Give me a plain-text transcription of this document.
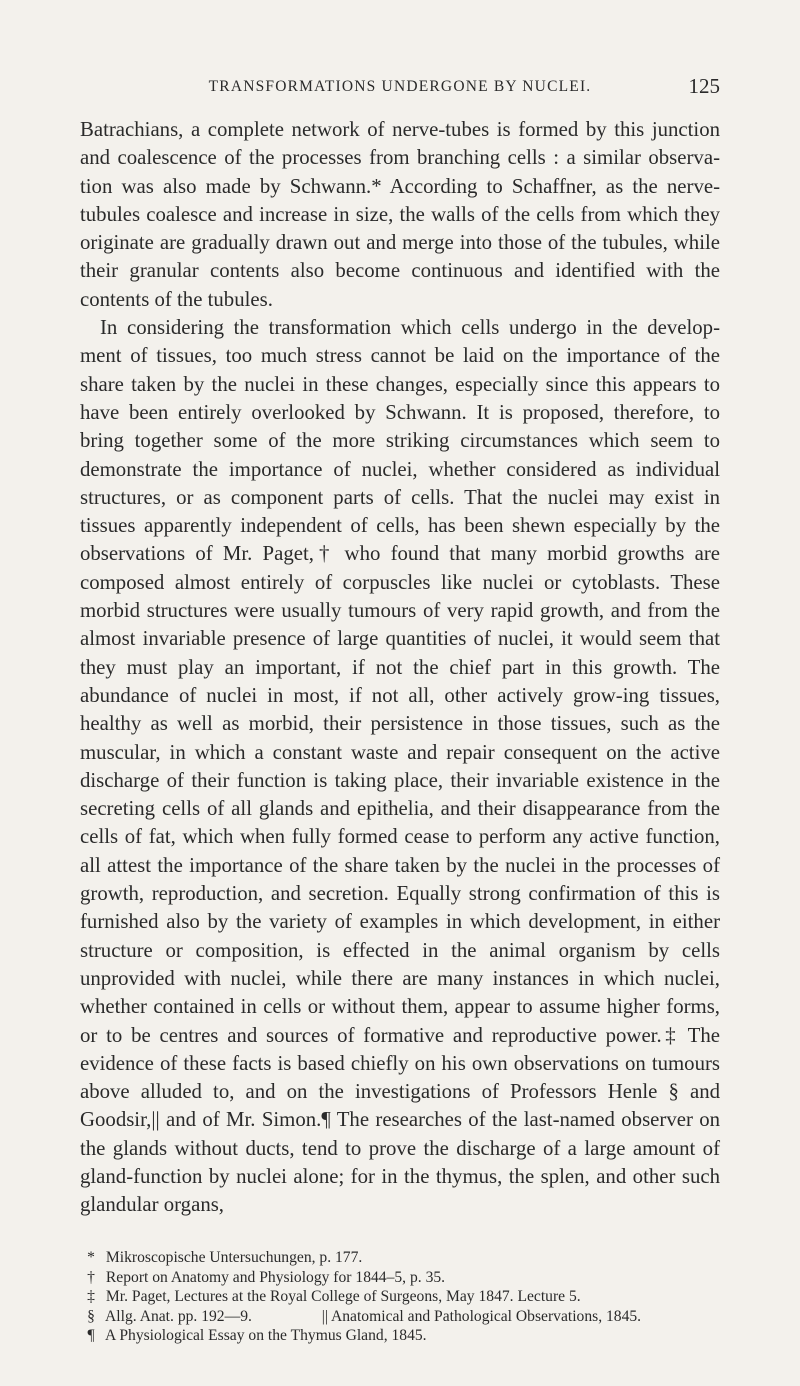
TRANSFORMATIONS UNDERGONE BY NUCLEI.	125

Batrachians, a complete network of nerve-tubes is formed by this junction and coalescence of the processes from branching cells : a similar observa-tion was also made by Schwann.* According to Schaffner, as the nerve-tubules coalesce and increase in size, the walls of the cells from which they originate are gradually drawn out and merge into those of the tubules, while their granular contents also become continuous and identified with the contents of the tubules.

In considering the transformation which cells undergo in the develop-ment of tissues, too much stress cannot be laid on the importance of the share taken by the nuclei in these changes, especially since this appears to have been entirely overlooked by Schwann. It is proposed, therefore, to bring together some of the more striking circumstances which seem to demonstrate the importance of nuclei, whether considered as individual structures, or as component parts of cells. That the nuclei may exist in tissues apparently independent of cells, has been shewn especially by the observations of Mr. Paget,† who found that many morbid growths are composed almost entirely of corpuscles like nuclei or cytoblasts. These morbid structures were usually tumours of very rapid growth, and from the almost invariable presence of large quantities of nuclei, it would seem that they must play an important, if not the chief part in this growth. The abundance of nuclei in most, if not all, other actively grow-ing tissues, healthy as well as morbid, their persistence in those tissues, such as the muscular, in which a constant waste and repair consequent on the active discharge of their function is taking place, their invariable existence in the secreting cells of all glands and epithelia, and their disappearance from the cells of fat, which when fully formed cease to perform any active function, all attest the importance of the share taken by the nuclei in the processes of growth, reproduction, and secretion. Equally strong confirmation of this is furnished also by the variety of examples in which development, in either structure or composition, is effected in the animal organism by cells unprovided with nuclei, while there are many instances in which nuclei, whether contained in cells or without them, appear to assume higher forms, or to be centres and sources of formative and reproductive power.‡ The evidence of these facts is based chiefly on his own observations on tumours above alluded to, and on the investigations of Professors Henle § and Goodsir,|| and of Mr. Simon.¶ The researches of the last-named observer on the glands without ducts, tend to prove the discharge of a large amount of gland-function by nuclei alone; for in the thymus, the splen, and other such glandular organs,

* Mikroscopische Untersuchungen, p. 177.
† Report on Anatomy and Physiology for 1844–5, p. 35.
‡ Mr. Paget, Lectures at the Royal College of Surgeons, May 1847. Lecture 5.
§ Allg. Anat. pp. 192—9.	|| Anatomical and Pathological Observations, 1845.
¶ A Physiological Essay on the Thymus Gland, 1845.
